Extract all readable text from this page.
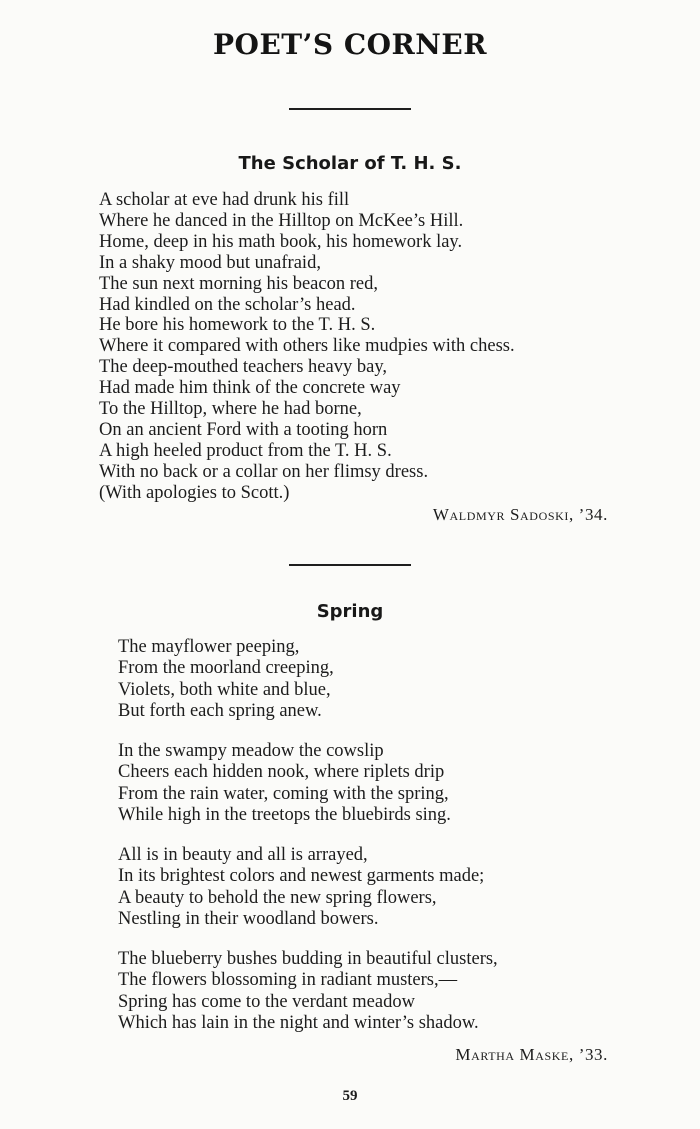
POET’S CORNER
The Scholar of T. H. S.
A scholar at eve had drunk his fill
Where he danced in the Hilltop on McKee’s Hill.
Home, deep in his math book, his homework lay.
In a shaky mood but unafraid,
The sun next morning his beacon red,
Had kindled on the scholar’s head.
He bore his homework to the T. H. S.
Where it compared with others like mudpies with chess.
The deep-mouthed teachers heavy bay,
Had made him think of the concrete way
To the Hilltop, where he had borne,
On an ancient Ford with a tooting horn
A high heeled product from the T. H. S.
With no back or a collar on her flimsy dress.
(With apologies to Scott.)
Waldmyr Sadoski, ’34.
Spring
The mayflower peeping,
From the moorland creeping,
Violets, both white and blue,
But forth each spring anew.
In the swampy meadow the cowslip
Cheers each hidden nook, where riplets drip
From the rain water, coming with the spring,
While high in the treetops the bluebirds sing.
All is in beauty and all is arrayed,
In its brightest colors and newest garments made;
A beauty to behold the new spring flowers,
Nestling in their woodland bowers.
The blueberry bushes budding in beautiful clusters,
The flowers blossoming in radiant musters,—
Spring has come to the verdant meadow
Which has lain in the night and winter’s shadow.
Martha Maske, ’33.
59
